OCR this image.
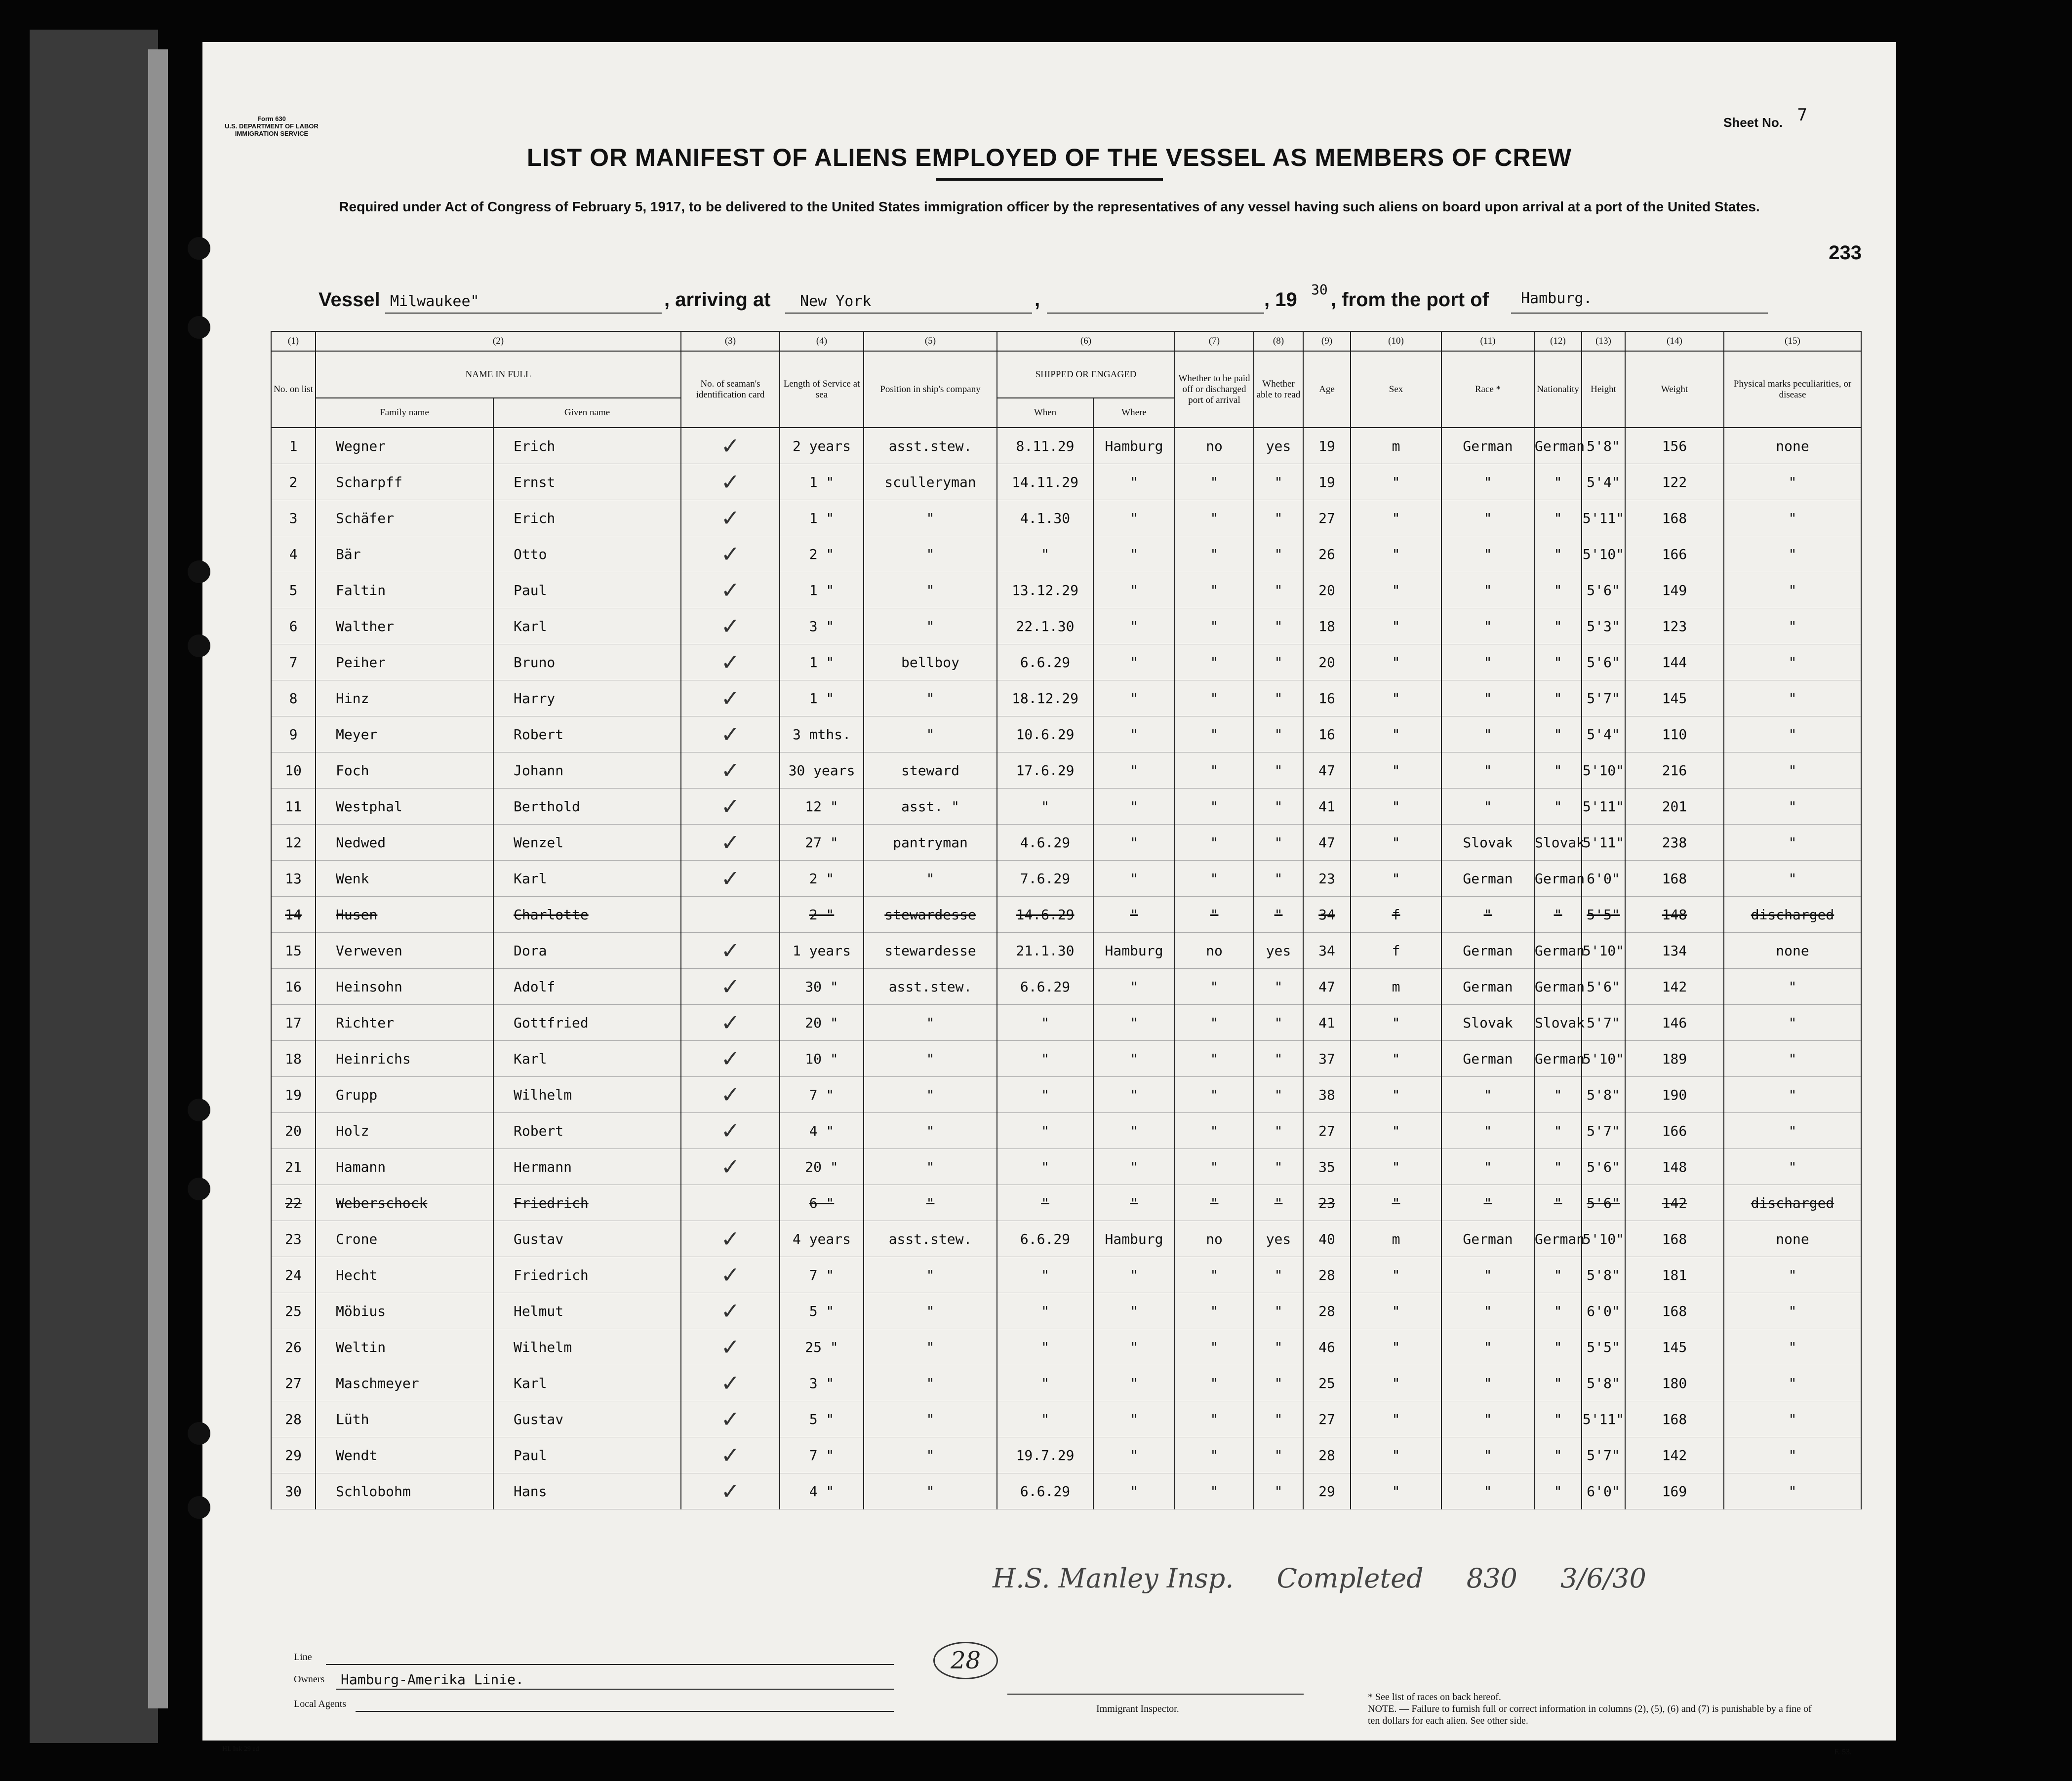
Form 630
U.S. DEPARTMENT OF LABOR
IMMIGRATION SERVICE
Sheet No. 7
LIST OR MANIFEST OF ALIENS EMPLOYED OF THE VESSEL AS MEMBERS OF CREW
Required under Act of Congress of February 5, 1917, to be delivered to the United States immigration officer by the representatives of any vessel having such aliens on board upon arrival at a port of the United States.
233
Vessel Milwaukee"	, arriving at New York	,	, 19 30 , from the port of Hamburg.
(1)	(2)		(3)	(4)	(5)	(6)		(7)	(8)	(9)	(10)	(11)	(12)	(13)	(14)	(15)
No. on list	NAME IN FULL		No. of seaman's identification card	Length of Service at sea	Position in ship's company	SHIPPED OR ENGAGED		Whether to be paid off or discharged port of arrival	Whether able to read	Age	Sex	Race *	Nationality	Height	Weight	Physical marks peculiarities, or disease
	Family name	Given name				When	Where									
1	Wegner	Erich	✓	2 years	asst.stew.	8.11.29	Hamburg	no	yes	19	m	German	German	5'8"	156	none
2	Scharpff	Ernst	✓	1 "	sculleryman	14.11.29	"	"	"	19	"	"	"	5'4"	122	"
3	Schäfer	Erich	✓	1 "	"	4.1.30	"	"	"	27	"	"	"	5'11"	168	"
4	Bär	Otto	✓	2 "	"	"	"	"	"	26	"	"	"	5'10"	166	"
5	Faltin	Paul	✓	1 "	"	13.12.29	"	"	"	20	"	"	"	5'6"	149	"
6	Walther	Karl	✓	3 "	"	22.1.30	"	"	"	18	"	"	"	5'3"	123	"
7	Peiher	Bruno	✓	1 "	bellboy	6.6.29	"	"	"	20	"	"	"	5'6"	144	"
8	Hinz	Harry	✓	1 "	"	18.12.29	"	"	"	16	"	"	"	5'7"	145	"
9	Meyer	Robert	✓	3 mths.	"	10.6.29	"	"	"	16	"	"	"	5'4"	110	"
10	Foch	Johann	✓	30 years	steward	17.6.29	"	"	"	47	"	"	"	5'10"	216	"
11	Westphal	Berthold	✓	12 "	asst. "	"	"	"	"	41	"	"	"	5'11"	201	"
12	Nedwed	Wenzel	✓	27 "	pantryman	4.6.29	"	"	"	47	"	Slovak	Slovak	5'11"	238	"
13	Wenk	Karl	✓	2 "	"	7.6.29	"	"	"	23	"	German	German	6'0"	168	"
14	Husen	Charlotte		2 "	stewardesse	14.6.29	"	"	"	34	f	"	"	5'5"	148	discharged
15	Verweven	Dora	✓	1 years	stewardesse	21.1.30	Hamburg	no	yes	34	f	German	German	5'10"	134	none
16	Heinsohn	Adolf	✓	30 "	asst.stew.	6.6.29	"	"	"	47	m	German	German	5'6"	142	"
17	Richter	Gottfried	✓	20 "	"	"	"	"	"	41	"	Slovak	Slovak	5'7"	146	"
18	Heinrichs	Karl	✓	10 "	"	"	"	"	"	37	"	German	German	5'10"	189	"
19	Grupp	Wilhelm	✓	7 "	"	"	"	"	"	38	"	"	"	5'8"	190	"
20	Holz	Robert	✓	4 "	"	"	"	"	"	27	"	"	"	5'7"	166	"
21	Hamann	Hermann	✓	20 "	"	"	"	"	"	35	"	"	"	5'6"	148	"
22	Weberschock	Friedrich		6 "	"	"	"	"	"	23	"	"	"	5'6"	142	discharged
23	Crone	Gustav	✓	4 years	asst.stew.	6.6.29	Hamburg	no	yes	40	m	German	German	5'10"	168	none
24	Hecht	Friedrich	✓	7 "	"	"	"	"	"	28	"	"	"	5'8"	181	"
25	Möbius	Helmut	✓	5 "	"	"	"	"	"	28	"	"	"	6'0"	168	"
26	Weltin	Wilhelm	✓	25 "	"	"	"	"	"	46	"	"	"	5'5"	145	"
27	Maschmeyer	Karl	✓	3 "	"	"	"	"	"	25	"	"	"	5'8"	180	"
28	Lüth	Gustav	✓	5 "	"	"	"	"	"	27	"	"	"	5'11"	168	"
29	Wendt	Paul	✓	7 "	"	19.7.29	"	"	"	28	"	"	"	5'7"	142	"
30	Schlobohm	Hans	✓	4 "	"	6.6.29	"	"	"	29	"	"	"	6'0"	169	"
H.S. Manley Insp. Completed 830 3/6/30
Line
Owners Hamburg-Amerika Linie.
Local Agents
28
Immigrant Inspector.
* See list of races on back hereof.
NOTE. — Failure to furnish full or correct information in columns (2), (5), (6) and (7) is punishable by a fine of ten dollars for each alien. See other side.
HL Ink 29 ed	F. 53.
